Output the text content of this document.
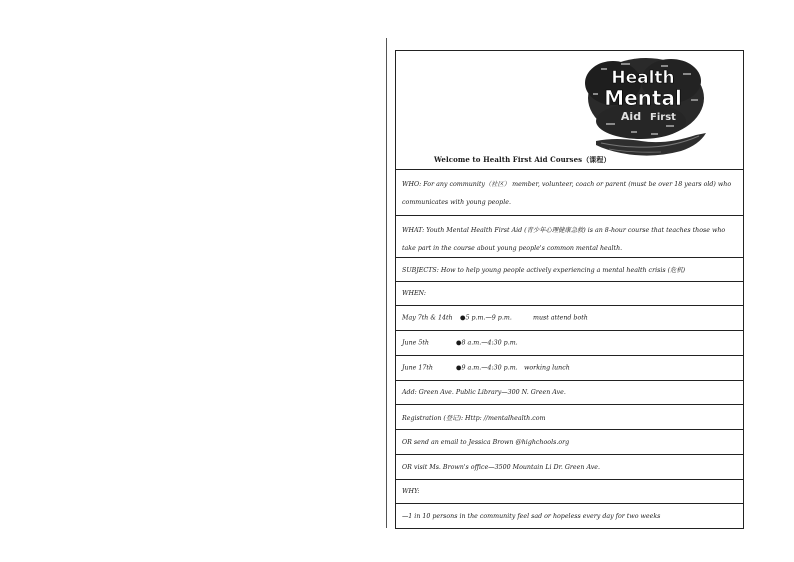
Health
Mental
Aid First
Welcome to Health First Aid Courses（课程）
WHO: For any community（社区） member, volunteer, coach or parent (must be over 18 years old) who communicates with young people.
WHAT: Youth Mental Health First Aid (青少年心理健康急救) is an 8-hour course that teaches those who take part in the course about young people's common mental health.
SUBJECTS: How to help young people actively experiencing a mental health crisis (危机)
WHEN:
May 7th & 14th ●5 p.m.—9 p.m.	must attend both
June 5th	●8 a.m.—4:30 p.m.
June 17th	●9 a.m.—4:30 p.m. working lunch
Add: Green Ave. Public Library—300 N. Green Ave.
Registration (登记): Http: //mentalhealth.com
OR send an email to Jessica Brown @highchools.org
OR visit Ms. Brown's office—3500 Mountain Li Dr. Green Ave.
WHY:
—1 in 10 persons in the community feel sad or hopeless every day for two weeks
